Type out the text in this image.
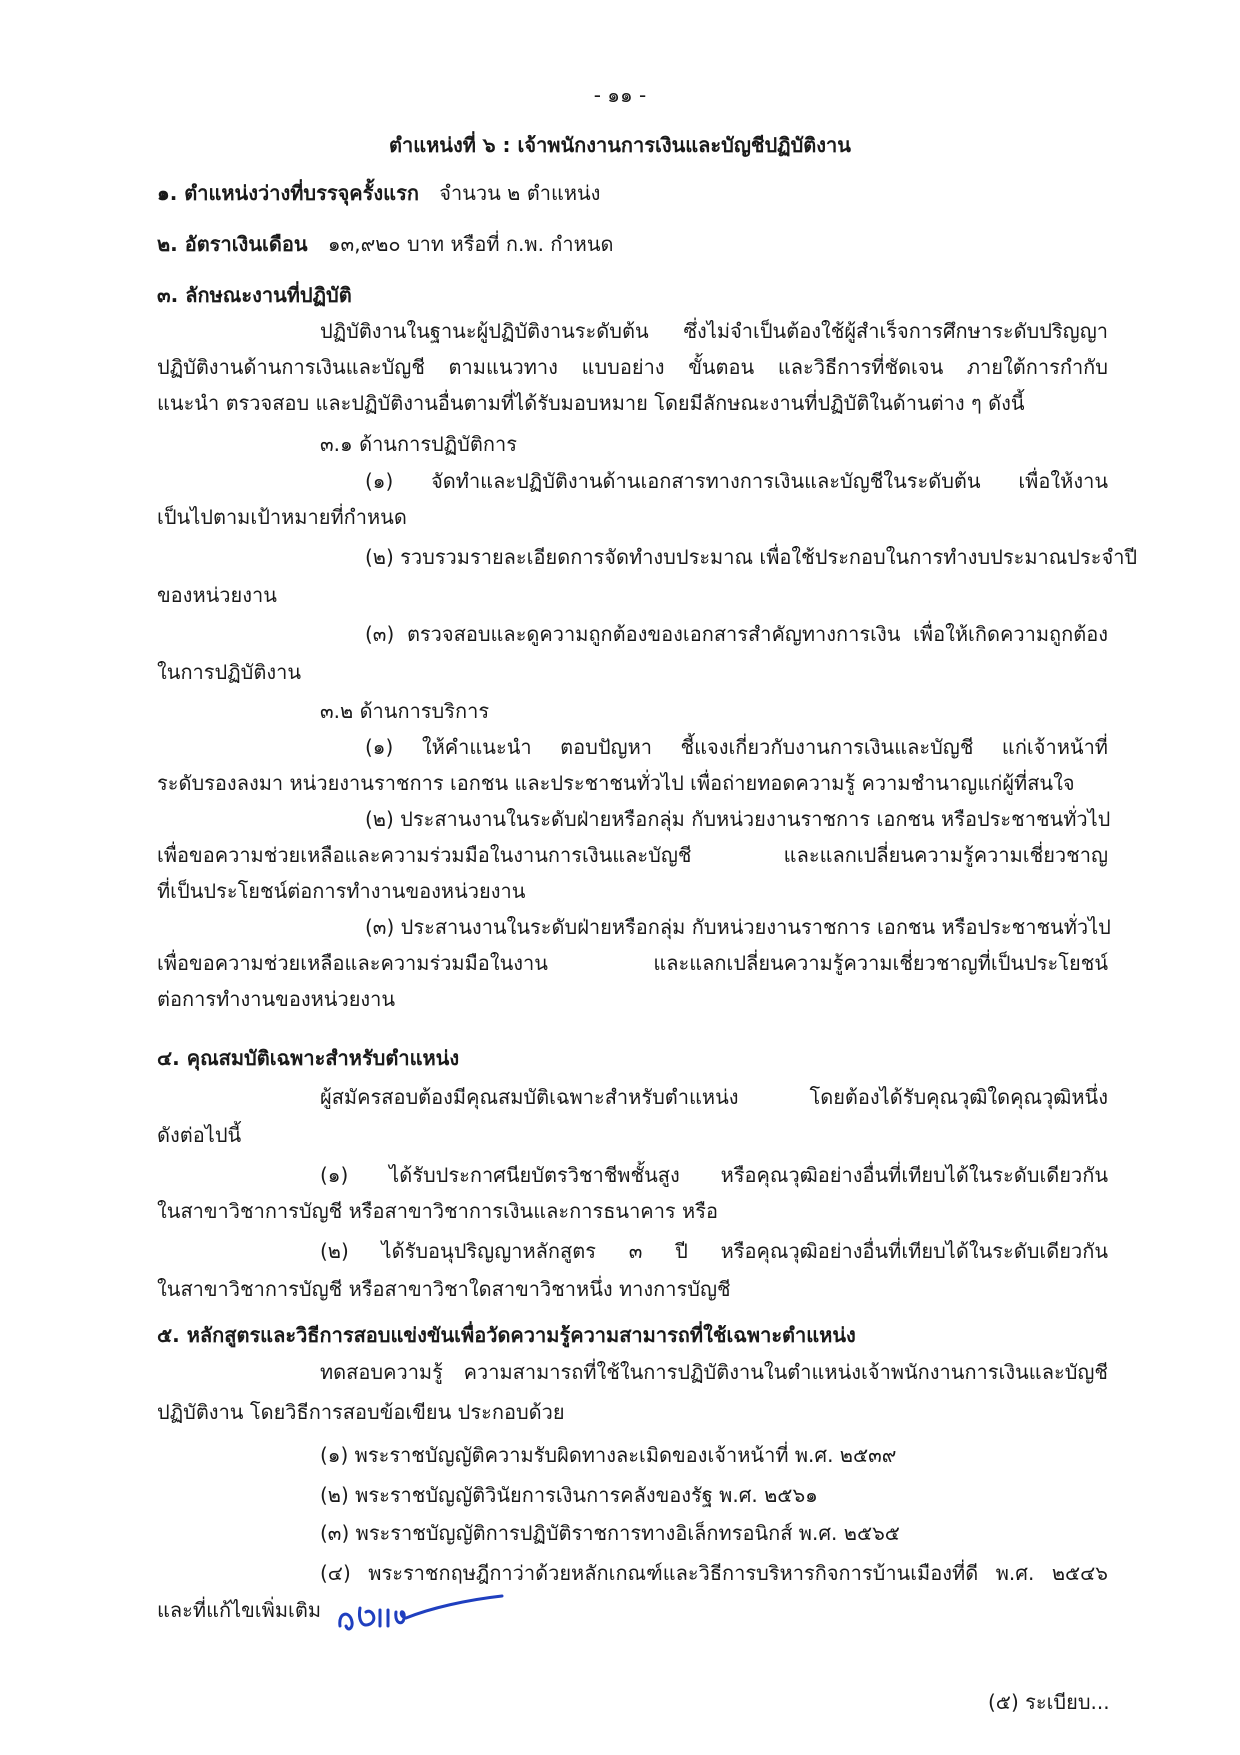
- ๑๑ -
ตำแหน่งที่ ๖ : เจ้าพนักงานการเงินและบัญชีปฏิบัติงาน
๑. ตำแหน่งว่างที่บรรจุครั้งแรก จำนวน ๒ ตำแหน่ง
๒. อัตราเงินเดือน ๑๓,๙๒๐ บาท หรือที่ ก.พ. กำหนด
๓. ลักษณะงานที่ปฏิบัติ
ปฏิบัติงานในฐานะผู้ปฏิบัติงานระดับต้น ซึ่งไม่จำเป็นต้องใช้ผู้สำเร็จการศึกษาระดับปริญญา
ปฏิบัติงานด้านการเงินและบัญชี ตามแนวทาง แบบอย่าง ขั้นตอน และวิธีการที่ชัดเจน ภายใต้การกำกับ
แนะนำ ตรวจสอบ และปฏิบัติงานอื่นตามที่ได้รับมอบหมาย โดยมีลักษณะงานที่ปฏิบัติในด้านต่าง ๆ ดังนี้
๓.๑ ด้านการปฏิบัติการ
(๑) จัดทำและปฏิบัติงานด้านเอกสารทางการเงินและบัญชีในระดับต้น เพื่อให้งาน
เป็นไปตามเป้าหมายที่กำหนด
(๒) รวบรวมรายละเอียดการจัดทำงบประมาณ เพื่อใช้ประกอบในการทำงบประมาณประจำปี
ของหน่วยงาน
(๓) ตรวจสอบและดูความถูกต้องของเอกสารสำคัญทางการเงิน เพื่อให้เกิดความถูกต้อง
ในการปฏิบัติงาน
๓.๒ ด้านการบริการ
(๑) ให้คำแนะนำ ตอบปัญหา ชี้แจงเกี่ยวกับงานการเงินและบัญชี แก่เจ้าหน้าที่
ระดับรองลงมา หน่วยงานราชการ เอกชน และประชาชนทั่วไป เพื่อถ่ายทอดความรู้ ความชำนาญแก่ผู้ที่สนใจ
(๒) ประสานงานในระดับฝ่ายหรือกลุ่ม กับหน่วยงานราชการ เอกชน หรือประชาชนทั่วไป
เพื่อขอความช่วยเหลือและความร่วมมือในงานการเงินและบัญชี และแลกเปลี่ยนความรู้ความเชี่ยวชาญ
ที่เป็นประโยชน์ต่อการทำงานของหน่วยงาน
(๓) ประสานงานในระดับฝ่ายหรือกลุ่ม กับหน่วยงานราชการ เอกชน หรือประชาชนทั่วไป
เพื่อขอความช่วยเหลือและความร่วมมือในงาน และแลกเปลี่ยนความรู้ความเชี่ยวชาญที่เป็นประโยชน์
ต่อการทำงานของหน่วยงาน
๔. คุณสมบัติเฉพาะสำหรับตำแหน่ง
ผู้สมัครสอบต้องมีคุณสมบัติเฉพาะสำหรับตำแหน่ง โดยต้องได้รับคุณวุฒิใดคุณวุฒิหนึ่ง
ดังต่อไปนี้
(๑) ได้รับประกาศนียบัตรวิชาชีพชั้นสูง หรือคุณวุฒิอย่างอื่นที่เทียบได้ในระดับเดียวกัน
ในสาขาวิชาการบัญชี หรือสาขาวิชาการเงินและการธนาคาร หรือ
(๒) ได้รับอนุปริญญาหลักสูตร ๓ ปี หรือคุณวุฒิอย่างอื่นที่เทียบได้ในระดับเดียวกัน
ในสาขาวิชาการบัญชี หรือสาขาวิชาใดสาขาวิชาหนึ่ง ทางการบัญชี
๕. หลักสูตรและวิธีการสอบแข่งขันเพื่อวัดความรู้ความสามารถที่ใช้เฉพาะตำแหน่ง
ทดสอบความรู้ ความสามารถที่ใช้ในการปฏิบัติงานในตำแหน่งเจ้าพนักงานการเงินและบัญชี
ปฏิบัติงาน โดยวิธีการสอบข้อเขียน ประกอบด้วย
(๑) พระราชบัญญัติความรับผิดทางละเมิดของเจ้าหน้าที่ พ.ศ. ๒๕๓๙
(๒) พระราชบัญญัติวินัยการเงินการคลังของรัฐ พ.ศ. ๒๕๖๑
(๓) พระราชบัญญัติการปฏิบัติราชการทางอิเล็กทรอนิกส์ พ.ศ. ๒๕๖๕
(๔) พระราชกฤษฎีกาว่าด้วยหลักเกณฑ์และวิธีการบริหารกิจการบ้านเมืองที่ดี พ.ศ. ๒๕๔๖
และที่แก้ไขเพิ่มเติม
(๕) ระเบียบ...
